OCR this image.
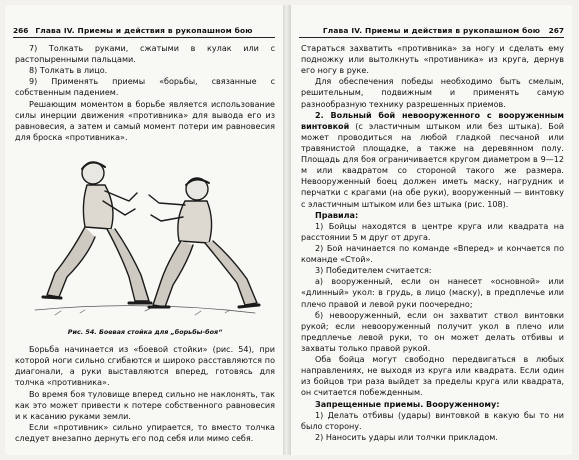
266 Глава IV. Приемы и действия в рукопашном бою

7) Толкать руками, сжатыми в кулак или с растопыренными пальцами.

8) Толкать в лицо.

9) Применять приемы «борьбы, связанные с собственным падением.

Решающим моментом в борьбе является использование силы инерции движения «противника» для вывода его из равновесия, а затем и самый момент потери им равновесия для броска «противника».

Рис. 54. Боевая стойка для „борьбы-боя“

Борьба начинается из «боевой стойки» (рис. 54), при которой ноги сильно сгибаются и широко расставляются по диагонали, а руки выставляются вперед, готовясь для толчка «противника».

Во время боя туловище вперед сильно не наклонять, так как это может привести к потере собственного равновесия и к касанию руками земли.

Если «противник» сильно упирается, то вместо толчка следует внезапно дернуть его под себя или мимо себя.

Глава IV. Приемы и действия в рукопашном бою	267

Стараться захватить «противника» за ногу и сделать ему подножку или вытолкнуть «противника» из круга, дернув его ногу в руке.

Для обеспечения победы необходимо быть смелым, решительным, подвижным и применять самую разнообразную технику разрешенных приемов.

2. Вольный бой невооруженного с вооруженным винтовкой (с эластичным штыком или без штыка). Бой может проводиться на любой гладкой песчаной или травянистой площадке, а также на деревянном полу. Площадь для боя ограничивается кругом диаметром в 9—12 м или квадратом со стороной такого же размера. Невооруженный боец должен иметь маску, нагрудник и перчатки с крагами (на обе руки), вооруженный — винтовку с эластичным штыком или без штыка (рис. 108).

Правила:

1) Бойцы находятся в центре круга или квадрата на расстоянии 5 м друг от друга.

2) Бой начинается по команде «Вперед» и кончается по команде «Стой».

3) Победителем считается:

а) вооруженный, если он нанесет «основной» или «длинный» укол: в грудь, в лицо (маску), в предплечье или плечо правой и левой руки поочередно;

б) невооруженный, если он захватит ствол винтовки рукой; если невооруженный получит укол в плечо или предплечье левой руки, то он может делать отбивы и захваты только правой рукой.

Оба бойца могут свободно передвигаться в любых направлениях, не выходя из круга или квадрата. Если один из бойцов три раза выйдет за пределы круга или квадрата, он считается побежденным.

Запрещенные приемы. Вооруженному:

1) Делать отбивы (удары) винтовкой в какую бы то ни было сторону.

2) Наносить удары или толчки прикладом.
